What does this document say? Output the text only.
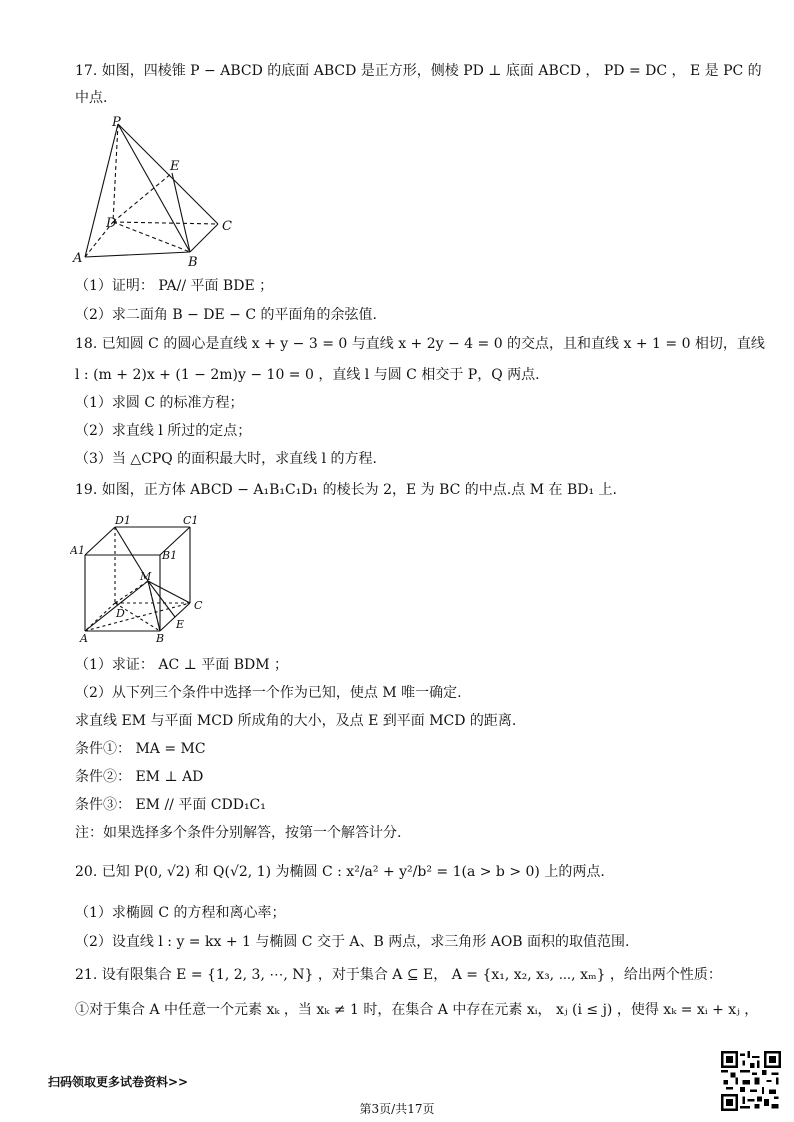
17. 如图，四棱锥 P − ABCD 的底面 ABCD 是正方形，侧棱 PD ⊥ 底面 ABCD ， PD = DC ， E 是 PC 的
中点.
P
E
D	C
A	B
（1）证明： PA// 平面 BDE ；
（2）求二面角 B − DE − C 的平面角的余弦值.
18. 已知圆 C 的圆心是直线 x + y − 3 = 0 与直线 x + 2y − 4 = 0 的交点，且和直线 x + 1 = 0 相切，直线
l : (m + 2)x + (1 − 2m)y − 10 = 0 ，直线 l 与圆 C 相交于 P，Q 两点.
（1）求圆 C 的标准方程；
（2）求直线 l 所过的定点；
（3）当 △CPQ 的面积最大时，求直线 l 的方程.
19. 如图，正方体 ABCD − A₁B₁C₁D₁ 的棱长为 2，E 为 BC 的中点.点 M 在 BD₁ 上.
D1	C1
A1	B1
M
D
C
E
A	B
（1）求证： AC ⊥ 平面 BDM ；
（2）从下列三个条件中选择一个作为已知，使点 M 唯一确定.
求直线 EM 与平面 MCD 所成角的大小，及点 E 到平面 MCD 的距离.
条件①： MA = MC
条件②： EM ⊥ AD
条件③： EM // 平面 CDD₁C₁
注：如果选择多个条件分别解答，按第一个解答计分.
20. 已知 P(0, √2) 和 Q(√2, 1) 为椭圆 C : x²/a² + y²/b² = 1(a > b > 0) 上的两点.
（1）求椭圆 C 的方程和离心率；
（2）设直线 l : y = kx + 1 与椭圆 C 交于 A、B 两点，求三角形 AOB 面积的取值范围.
21. 设有限集合 E = {1, 2, 3, ⋯, N} ，对于集合 A ⊆ E， A = {x₁, x₂, x₃, ⋯, xₘ} ，给出两个性质：
①对于集合 A 中任意一个元素 xₖ ，当 xₖ ≠ 1 时，在集合 A 中存在元素 xᵢ， xⱼ (i ≤ j) ，使得 xₖ = xᵢ + xⱼ ，
扫码领取更多试卷资料>>
第3页/共17页
